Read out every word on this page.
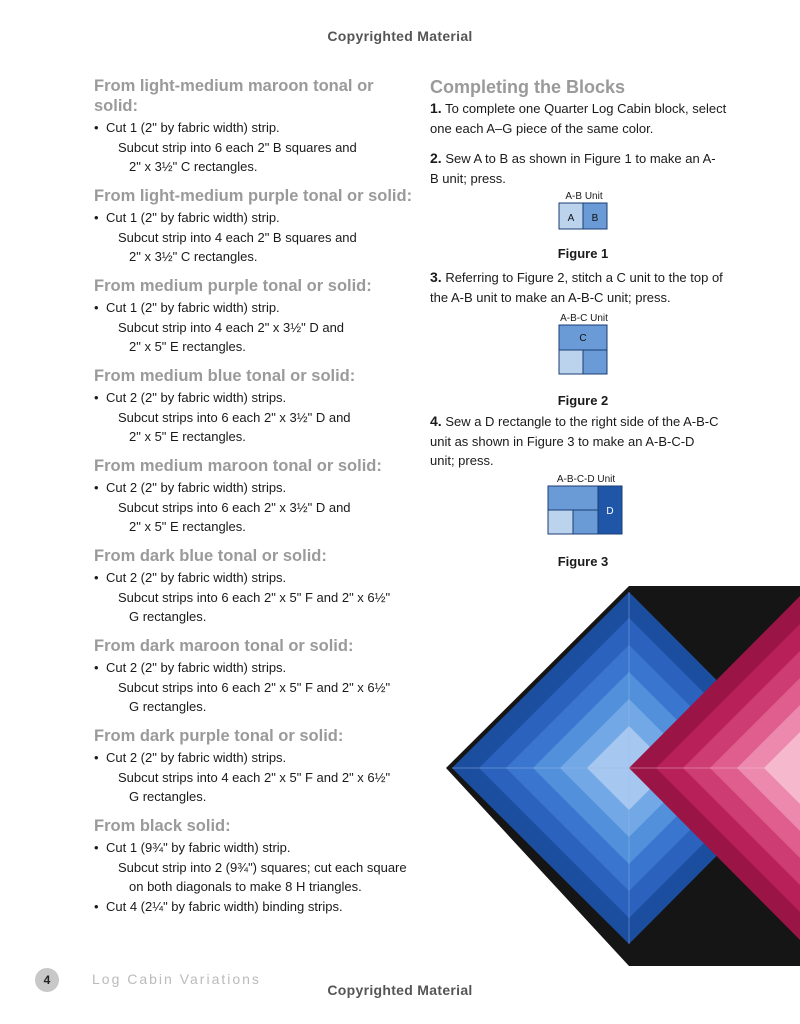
Copyrighted Material
From light-medium maroon tonal or solid:
• Cut 1 (2" by fabric width) strip.
Subcut strip into 6 each 2" B squares and
2" x 3½" C rectangles.
From light-medium purple tonal or solid:
• Cut 1 (2" by fabric width) strip.
Subcut strip into 4 each 2" B squares and
2" x 3½" C rectangles.
From medium purple tonal or solid:
• Cut 1 (2" by fabric width) strip.
Subcut strip into 4 each 2" x 3½" D and
2" x 5" E rectangles.
From medium blue tonal or solid:
• Cut 2 (2" by fabric width) strips.
Subcut strips into 6 each 2" x 3½" D and
2" x 5" E rectangles.
From medium maroon tonal or solid:
• Cut 2 (2" by fabric width) strips.
Subcut strips into 6 each 2" x 3½" D and
2" x 5" E rectangles.
From dark blue tonal or solid:
• Cut 2 (2" by fabric width) strips.
Subcut strips into 6 each 2" x 5" F and 2" x 6½"
G rectangles.
From dark maroon tonal or solid:
• Cut 2 (2" by fabric width) strips.
Subcut strips into 6 each 2" x 5" F and 2" x 6½"
G rectangles.
From dark purple tonal or solid:
• Cut 2 (2" by fabric width) strips.
Subcut strips into 4 each 2" x 5" F and 2" x 6½"
G rectangles.
From black solid:
• Cut 1 (9¾" by fabric width) strip.
Subcut strip into 2 (9¾") squares; cut each square
on both diagonals to make 8 H triangles.
• Cut 4 (2¼" by fabric width) binding strips.
Completing the Blocks
1. To complete one Quarter Log Cabin block, select one each A–G piece of the same color.
2. Sew A to B as shown in Figure 1 to make an A-B unit; press.
A-B Unit
A B
Figure 1
3. Referring to Figure 2, stitch a C unit to the top of the A-B unit to make an A-B-C unit; press.
A-B-C Unit
C
Figure 2
4. Sew a D rectangle to the right side of the A-B-C unit as shown in Figure 3 to make an A-B-C-D unit; press.
A-B-C-D Unit
D
Figure 3
4	Log Cabin Variations
Copyrighted Material
